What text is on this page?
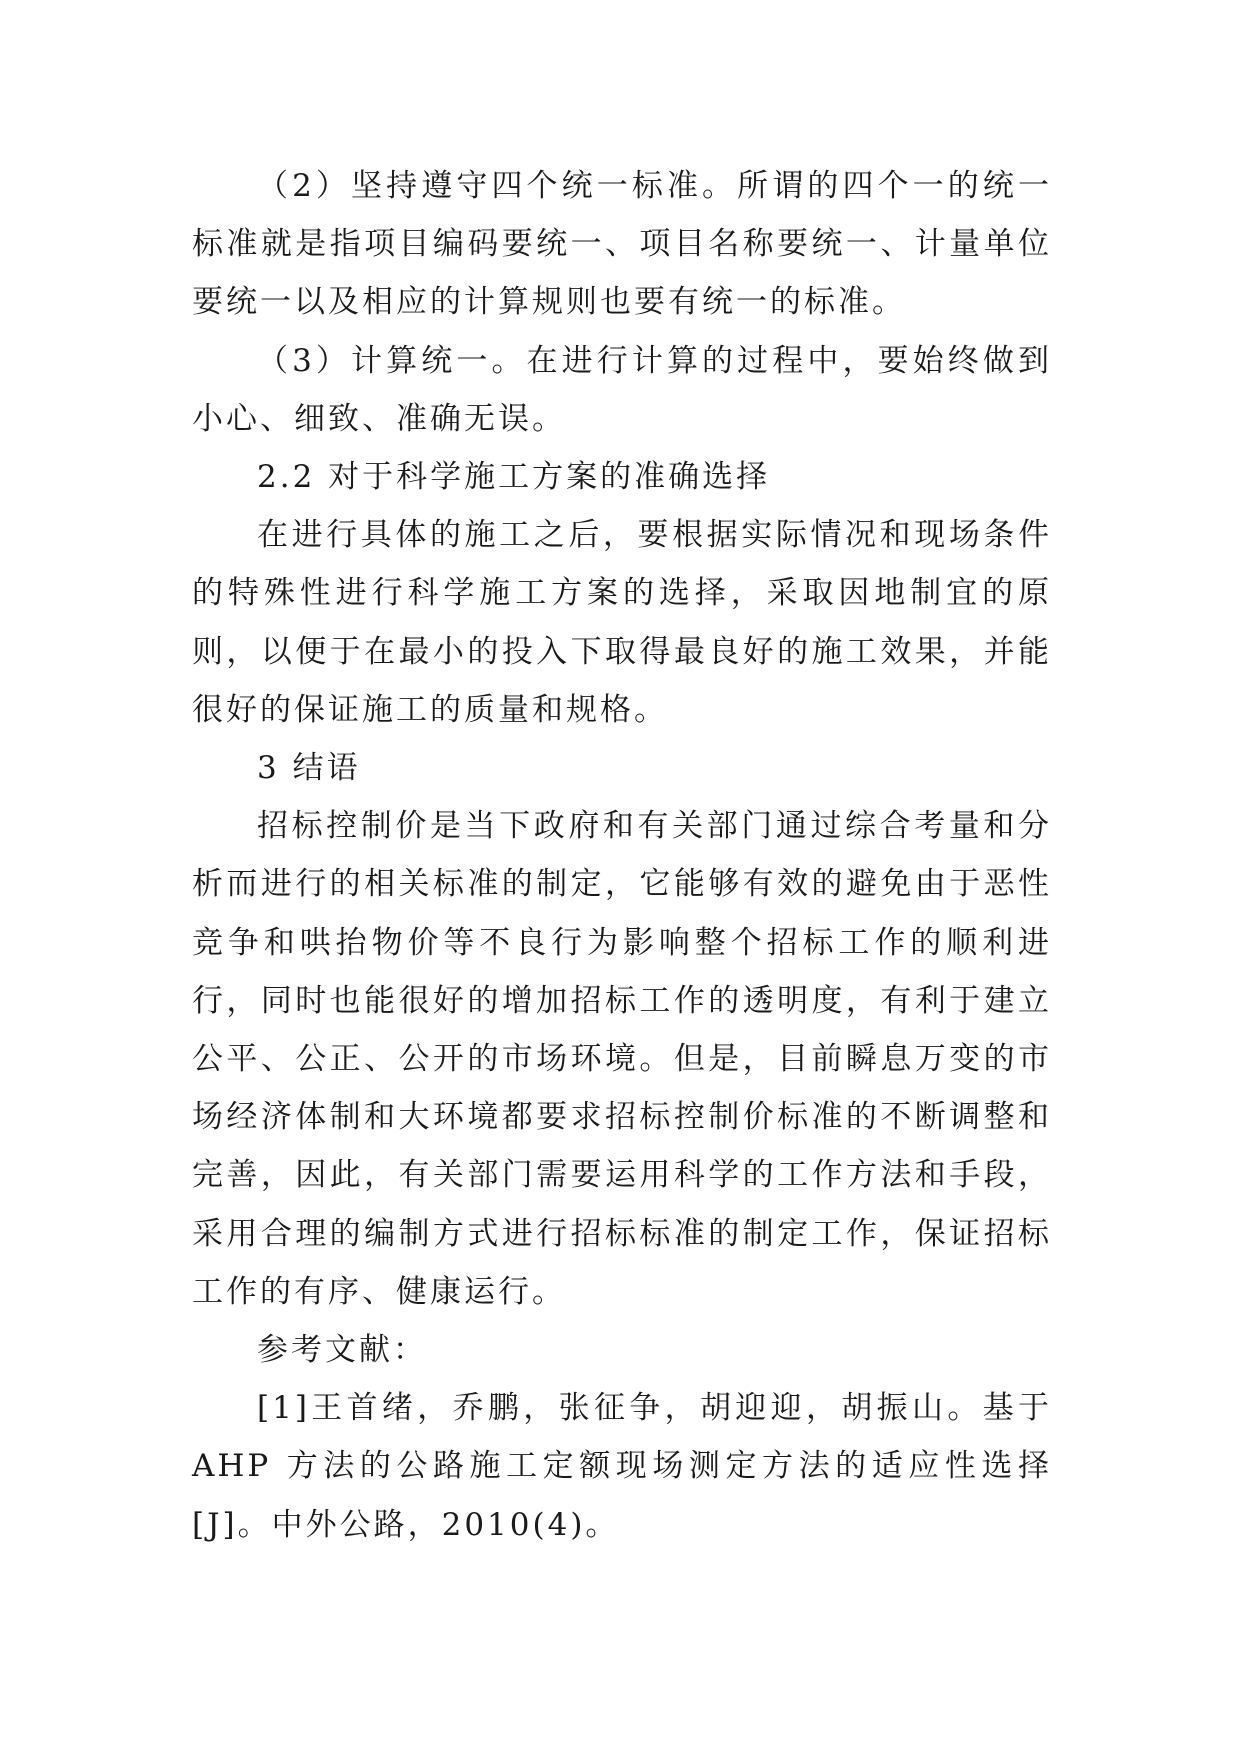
（2）坚持遵守四个统一标准。所谓的四个一的统一标准就是指项目编码要统一、项目名称要统一、计量单位要统一以及相应的计算规则也要有统一的标准。

（3）计算统一。在进行计算的过程中，要始终做到小心、细致、准确无误。

2.2 对于科学施工方案的准确选择

在进行具体的施工之后，要根据实际情况和现场条件的特殊性进行科学施工方案的选择，采取因地制宜的原则，以便于在最小的投入下取得最良好的施工效果，并能很好的保证施工的质量和规格。

3 结语

招标控制价是当下政府和有关部门通过综合考量和分析而进行的相关标准的制定，它能够有效的避免由于恶性竞争和哄抬物价等不良行为影响整个招标工作的顺利进行，同时也能很好的增加招标工作的透明度，有利于建立公平、公正、公开的市场环境。但是，目前瞬息万变的市场经济体制和大环境都要求招标控制价标准的不断调整和完善，因此，有关部门需要运用科学的工作方法和手段，采用合理的编制方式进行招标标准的制定工作，保证招标工作的有序、健康运行。

参考文献：

[1]王首绪，乔鹏，张征争，胡迎迎，胡振山。基于 AHP 方法的公路施工定额现场测定方法的适应性选择[J]。中外公路，2010(4)。
